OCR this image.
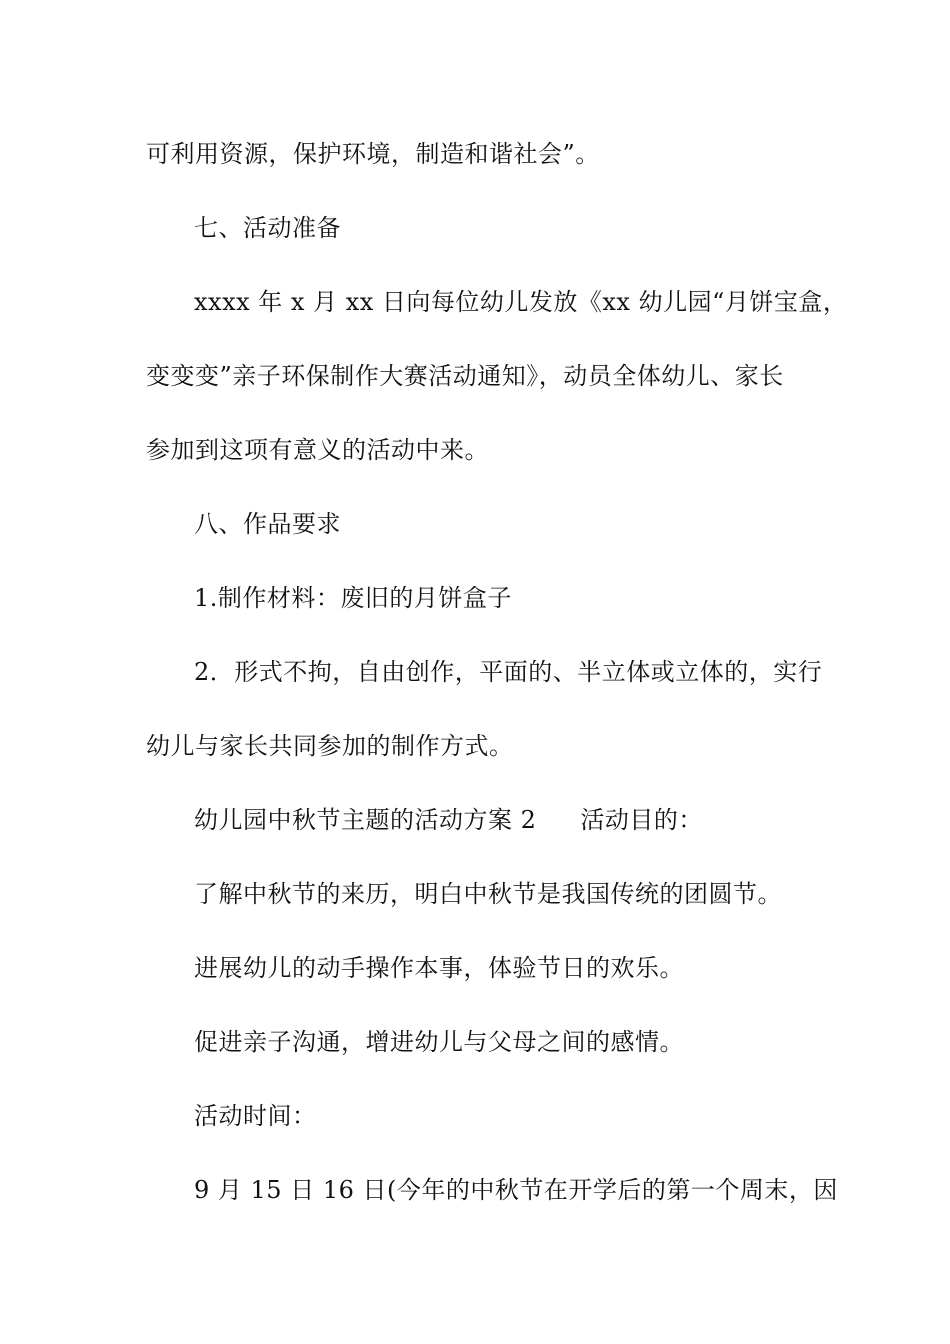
可利用资源，保护环境，制造和谐社会”。
七、活动准备
xxxx 年 x 月 xx 日向每位幼儿发放《xx 幼儿园“月饼宝盒，
变变变”亲子环保制作大赛活动通知》，动员全体幼儿、家长
参加到这项有意义的活动中来。
八、作品要求
1.制作材料：废旧的月饼盒子
2．形式不拘，自由创作，平面的、半立体或立体的，实行
幼儿与家长共同参加的制作方式。
幼儿园中秋节主题的活动方案 2 活动目的：
了解中秋节的来历，明白中秋节是我国传统的团圆节。
进展幼儿的动手操作本事，体验节日的欢乐。
促进亲子沟通，增进幼儿与父母之间的感情。
活动时间：
9 月 15 日 16 日(今年的中秋节在开学后的第一个周末，因
